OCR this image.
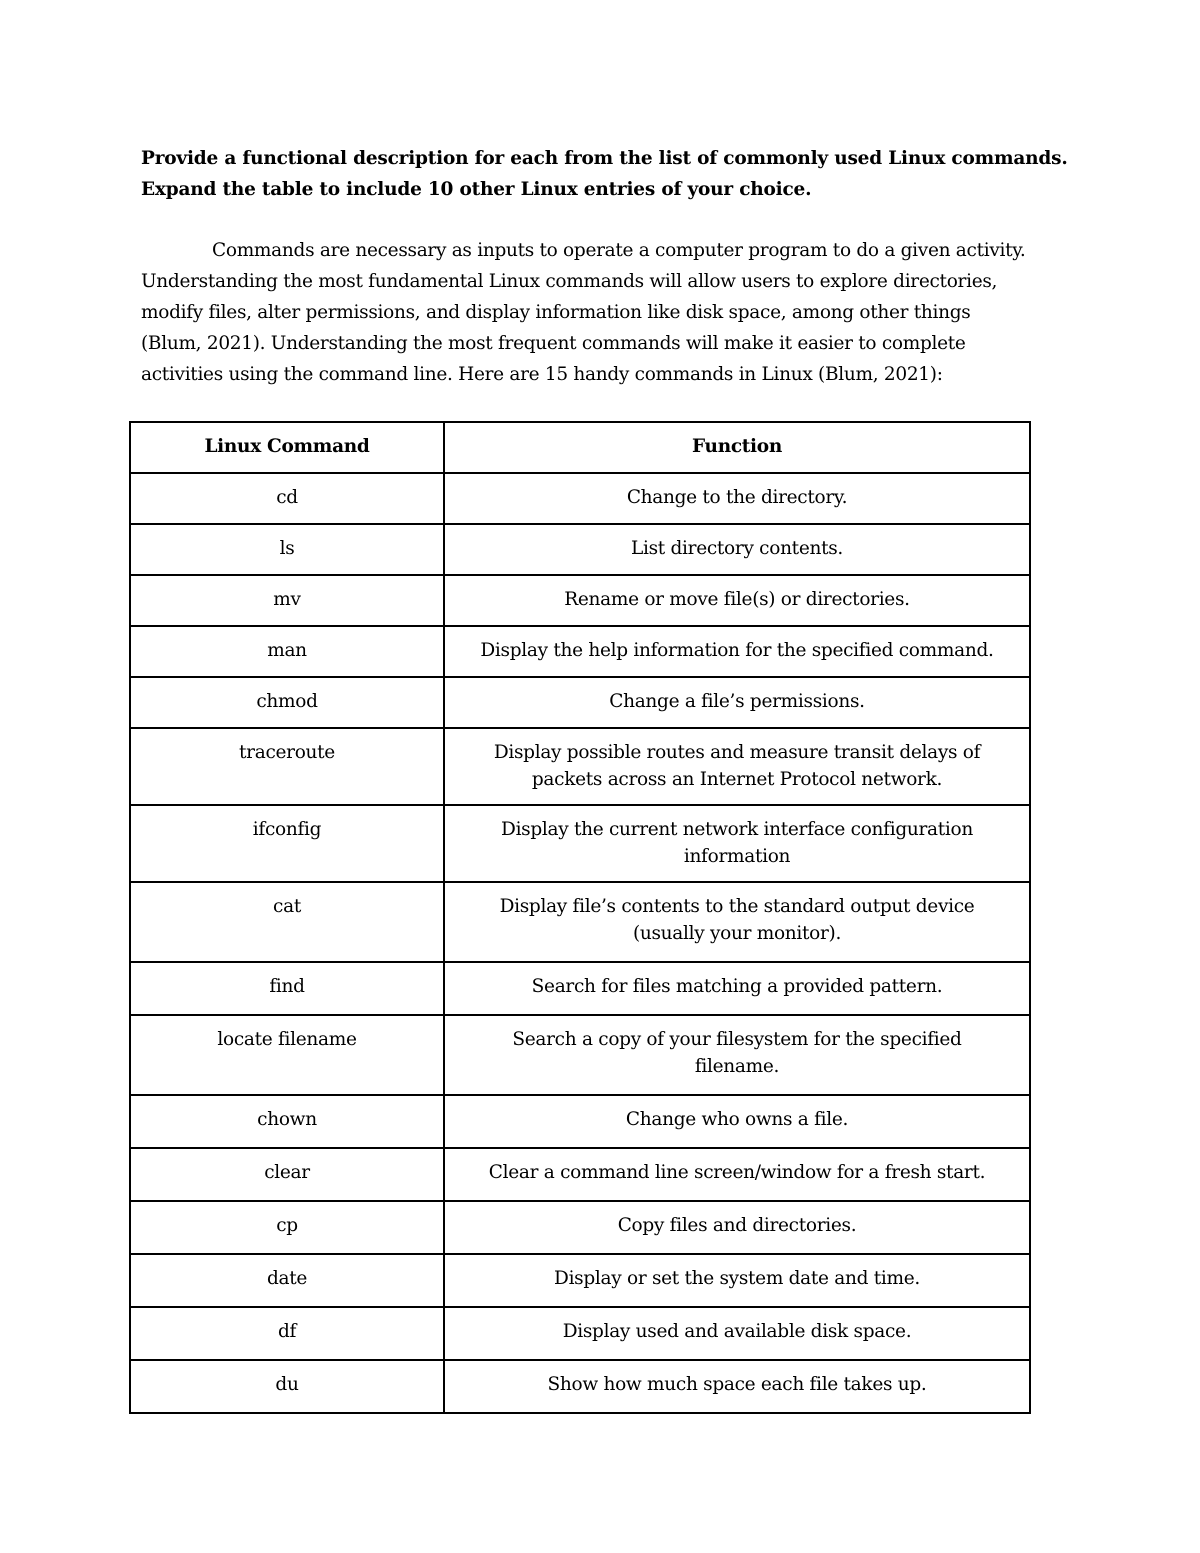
Provide a functional description for each from the list of commonly used Linux commands.
Expand the table to include 10 other Linux entries of your choice.
Commands are necessary as inputs to operate a computer program to do a given activity.
Understanding the most fundamental Linux commands will allow users to explore directories,
modify files, alter permissions, and display information like disk space, among other things
(Blum, 2021). Understanding the most frequent commands will make it easier to complete
activities using the command line. Here are 15 handy commands in Linux (Blum, 2021):
Linux Command	Function
cd	Change to the directory.

ls	List directory contents.

mv	Rename or move file(s) or directories.

man	Display the help information for the specified command.

chmod	Change a file’s permissions.

traceroute	Display possible routes and measure transit delays of
packets across an Internet Protocol network.

ifconfig	Display the current network interface configuration
information

cat	Display file’s contents to the standard output device
(usually your monitor).

find	Search for files matching a provided pattern.

locate filename	Search a copy of your filesystem for the specified
filename.

chown	Change who owns a file.

clear	Clear a command line screen/window for a fresh start.

cp	Copy files and directories.

date	Display or set the system date and time.

df	Display used and available disk space.

du	Show how much space each file takes up.
